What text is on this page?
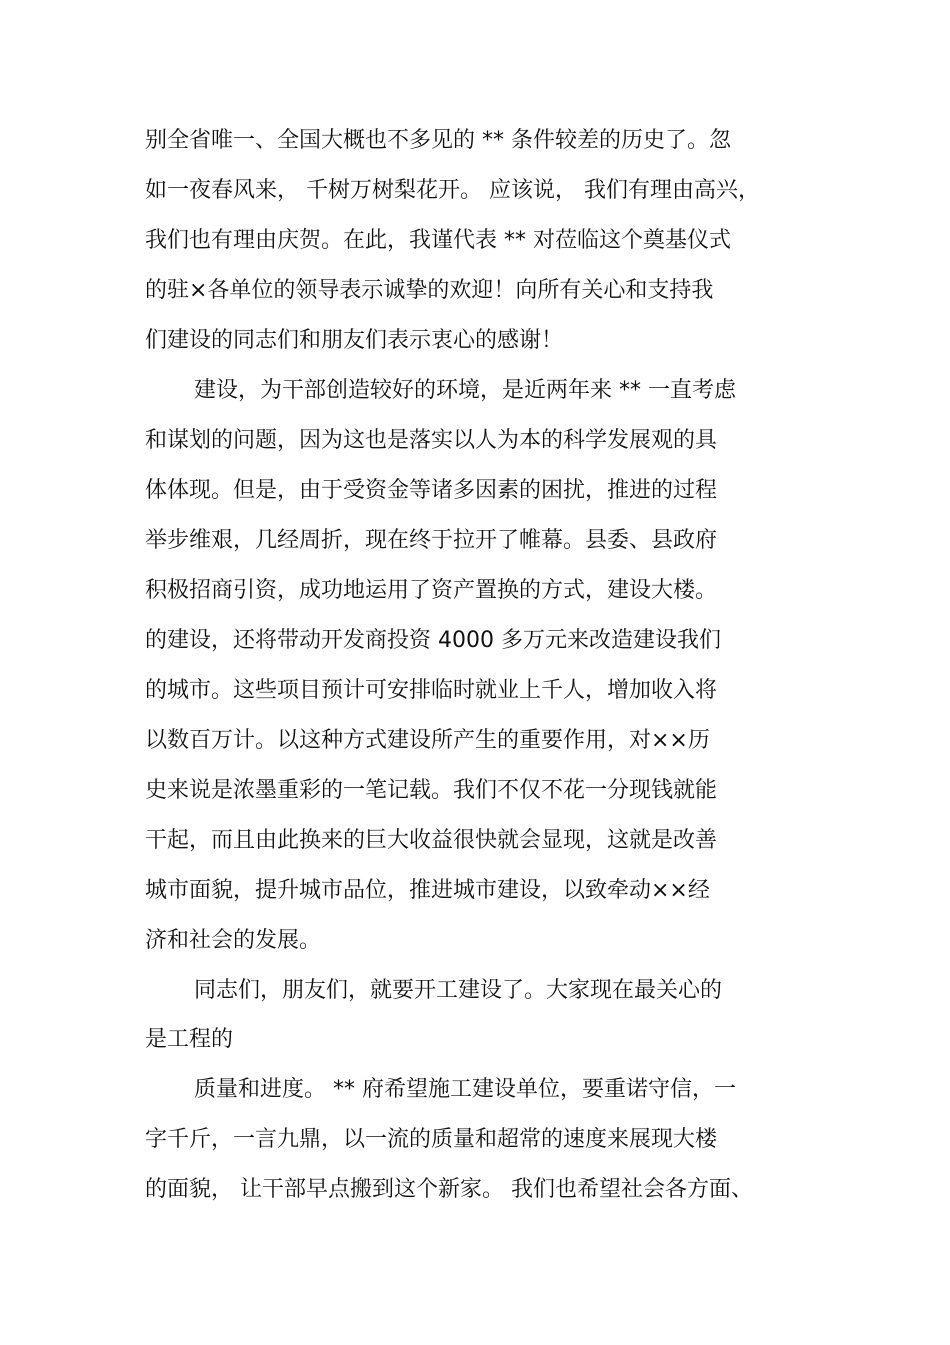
别全省唯一、全国大概也不多见的 ** 条件较差的历史了。忽
如一夜春风来， 千树万树梨花开。 应该说， 我们有理由高兴，
我们也有理由庆贺。在此，我谨代表 ** 对莅临这个奠基仪式
的驻×各单位的领导表示诚挚的欢迎！向所有关心和支持我
们建设的同志们和朋友们表示衷心的感谢！
建设，为干部创造较好的环境，是近两年来 ** 一直考虑
和谋划的问题，因为这也是落实以人为本的科学发展观的具
体体现。但是，由于受资金等诸多因素的困扰，推进的过程
举步维艰，几经周折，现在终于拉开了帷幕。县委、县政府
积极招商引资，成功地运用了资产置换的方式，建设大楼。
的建设，还将带动开发商投资 4000 多万元来改造建设我们
的城市。这些项目预计可安排临时就业上千人，增加收入将
以数百万计。以这种方式建设所产生的重要作用，对××历
史来说是浓墨重彩的一笔记载。我们不仅不花一分现钱就能
干起，而且由此换来的巨大收益很快就会显现，这就是改善
城市面貌，提升城市品位，推进城市建设，以致牵动××经
济和社会的发展。
同志们，朋友们，就要开工建设了。大家现在最关心的
是工程的
质量和进度。 ** 府希望施工建设单位，要重诺守信，一
字千斤，一言九鼎，以一流的质量和超常的速度来展现大楼
的面貌， 让干部早点搬到这个新家。 我们也希望社会各方面、
